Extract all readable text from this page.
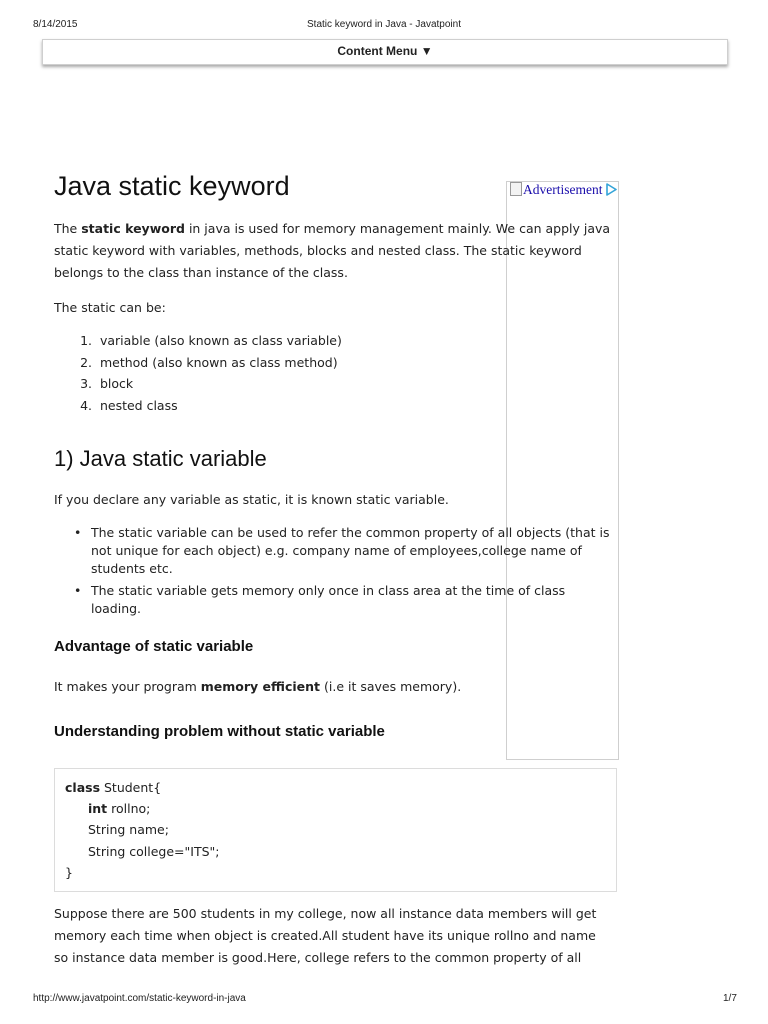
8/14/2015	Static keyword in Java - Javatpoint
Content Menu ▼
Advertisement
Java static keyword
The static keyword in java is used for memory management mainly. We can apply java
static keyword with variables, methods, blocks and nested class. The static keyword
belongs to the class than instance of the class.
The static can be:
1. variable (also known as class variable)
2. method (also known as class method)
3. block
4. nested class
1) Java static variable
If you declare any variable as static, it is known static variable.
• The static variable can be used to refer the common property of all objects (that is
not unique for each object) e.g. company name of employees,college name of
students etc.
• The static variable gets memory only once in class area at the time of class
loading.
Advantage of static variable
It makes your program memory efficient (i.e it saves memory).
Understanding problem without static variable
class Student{
int rollno;
String name;
String college="ITS";
}
Suppose there are 500 students in my college, now all instance data members will get
memory each time when object is created.All student have its unique rollno and name
so instance data member is good.Here, college refers to the common property of all
http://www.javatpoint.com/static-keyword-in-java	1/7
